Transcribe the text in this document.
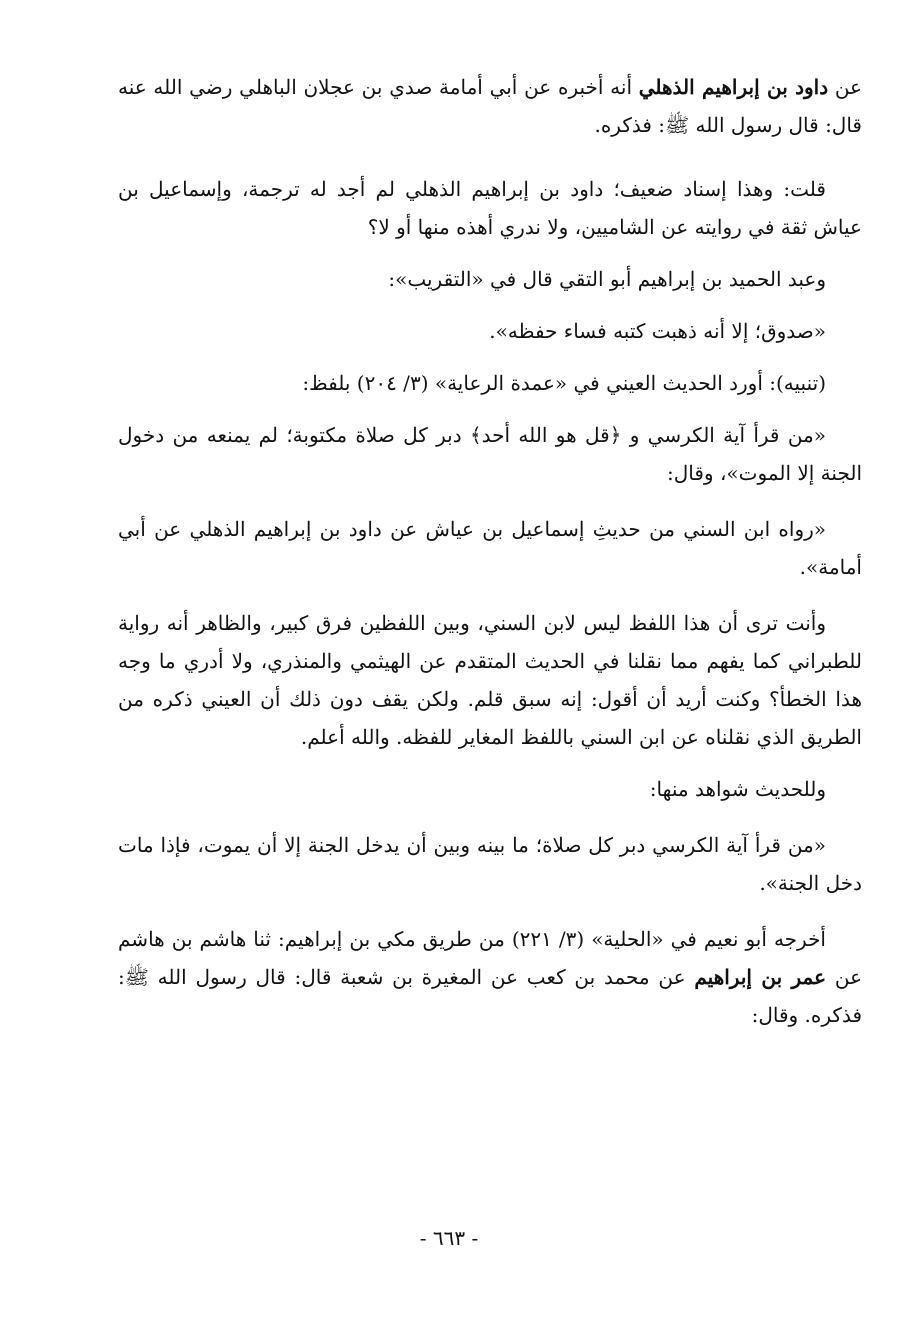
عن داود بن إبراهيم الذهلي أنه أخبره عن أبي أمامة صدي بن عجلان الباهلي رضي الله عنه قال: قال رسول الله ﷺ: فذكره.

قلت: وهذا إسناد ضعيف؛ داود بن إبراهيم الذهلي لم أجد له ترجمة، وإسماعيل بن عياش ثقة في روايته عن الشاميين، ولا ندري أهذه منها أو لا؟

وعبد الحميد بن إبراهيم أبو التقي قال في «التقريب»:

«صدوق؛ إلا أنه ذهبت كتبه فساء حفظه».

(تنبيه): أورد الحديث العيني في «عمدة الرعاية» (٣/ ٢٠٤) بلفظ:

«من قرأ آية الكرسي و ﴿قل هو الله أحد﴾ دبر كل صلاة مكتوبة؛ لم يمنعه من دخول الجنة إلا الموت»، وقال:

«رواه ابن السني من حديثِ إسماعيل بن عياش عن داود بن إبراهيم الذهلي عن أبي أمامة».

وأنت ترى أن هذا اللفظ ليس لابن السني، وبين اللفظين فرق كبير، والظاهر أنه رواية للطبراني كما يفهم مما نقلنا في الحديث المتقدم عن الهيثمي والمنذري، ولا أدري ما وجه هذا الخطأ؟ وكنت أريد أن أقول: إنه سبق قلم. ولكن يقف دون ذلك أن العيني ذكره من الطريق الذي نقلناه عن ابن السني باللفظ المغاير للفظه. والله أعلم.

وللحديث شواهد منها:

«من قرأ آية الكرسي دبر كل صلاة؛ ما بينه وبين أن يدخل الجنة إلا أن يموت، فإذا مات دخل الجنة».

أخرجه أبو نعيم في «الحلية» (٣/ ٢٢١) من طريق مكي بن إبراهيم: ثنا هاشم بن هاشم عن عمر بن إبراهيم عن محمد بن كعب عن المغيرة بن شعبة قال: قال رسول الله ﷺ: فذكره. وقال:

- ٦٦٣ -
